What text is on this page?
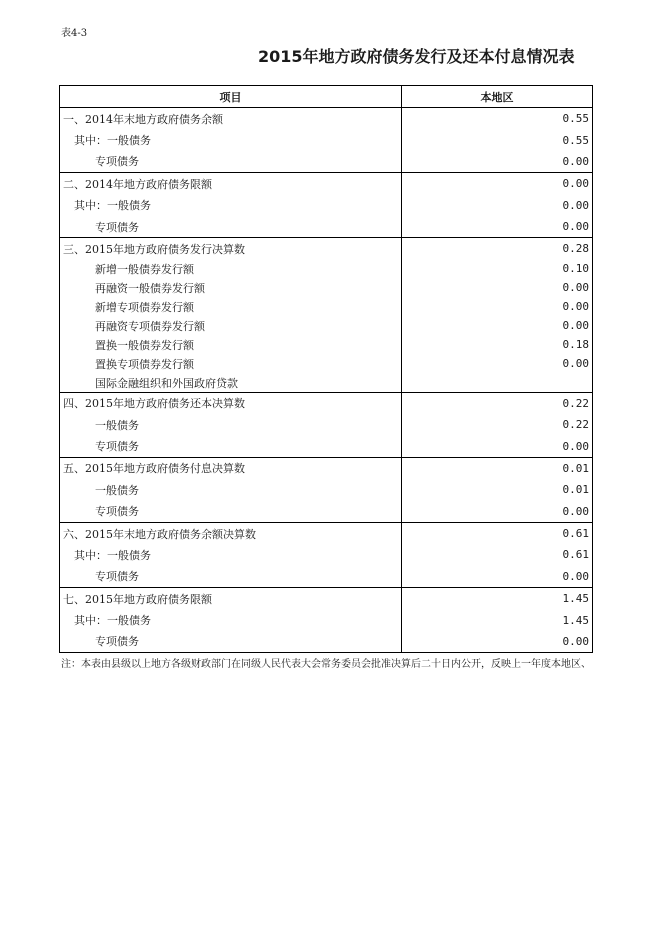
表4-3
2015年地方政府债务发行及还本付息情况表
项目	本地区
一、2014年末地方政府债务余额	0.55
其中：一般债务	0.55
专项债务	0.00
二、2014年地方政府债务限额	0.00
其中：一般债务	0.00
专项债务	0.00
三、2015年地方政府债务发行决算数	0.28
新增一般债券发行额	0.10
再融资一般债券发行额	0.00
新增专项债券发行额	0.00
再融资专项债券发行额	0.00
置换一般债券发行额	0.18
置换专项债券发行额	0.00
国际金融组织和外国政府贷款	
四、2015年地方政府债务还本决算数	0.22
一般债务	0.22
专项债务	0.00
五、2015年地方政府债务付息决算数	0.01
一般债务	0.01
专项债务	0.00
六、2015年末地方政府债务余额决算数	0.61
其中：一般债务	0.61
专项债务	0.00
七、2015年地方政府债务限额	1.45
其中：一般债务	1.45
专项债务	0.00
注：本表由县级以上地方各级财政部门在同级人民代表大会常务委员会批准决算后二十日内公开，反映上一年度本地区、
